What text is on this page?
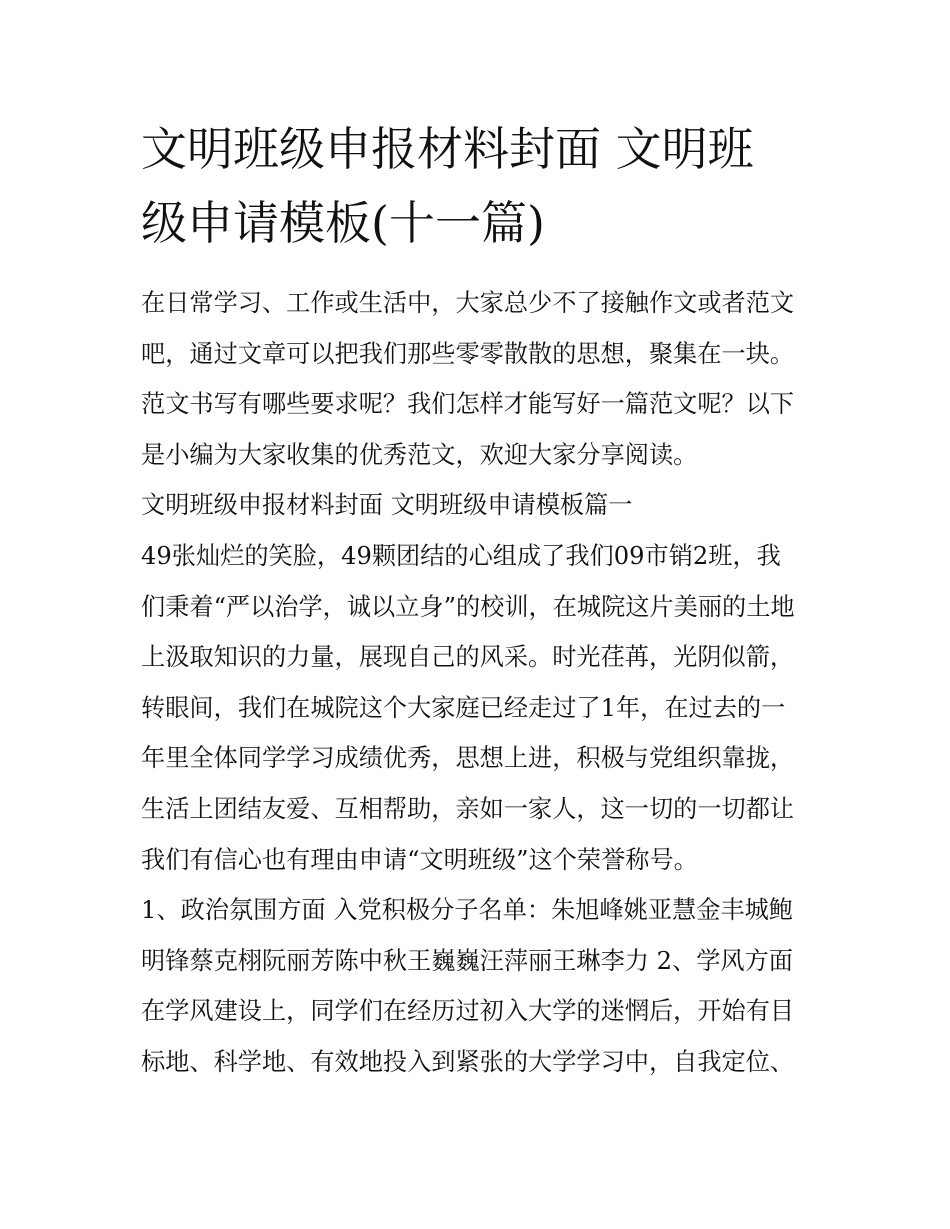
文明班级申报材料封面 文明班
级申请模板(十一篇)
在日常学习、工作或生活中，大家总少不了接触作文或者范文
吧，通过文章可以把我们那些零零散散的思想，聚集在一块。
范文书写有哪些要求呢？我们怎样才能写好一篇范文呢？以下
是小编为大家收集的优秀范文，欢迎大家分享阅读。
文明班级申报材料封面 文明班级申请模板篇一
49张灿烂的笑脸，49颗团结的心组成了我们09市销2班，我
们秉着“严以治学，诚以立身”的校训，在城院这片美丽的土地
上汲取知识的力量，展现自己的风采。时光荏苒，光阴似箭，
转眼间，我们在城院这个大家庭已经走过了1年，在过去的一
年里全体同学学习成绩优秀，思想上进，积极与党组织靠拢，
生活上团结友爱、互相帮助，亲如一家人，这一切的一切都让
我们有信心也有理由申请“文明班级”这个荣誉称号。
1、政治氛围方面 入党积极分子名单：朱旭峰姚亚慧金丰城鲍
明锋蔡克栩阮丽芳陈中秋王巍巍汪萍丽王琳李力 2、学风方面
在学风建设上，同学们在经历过初入大学的迷惘后，开始有目
标地、科学地、有效地投入到紧张的大学学习中，自我定位、
